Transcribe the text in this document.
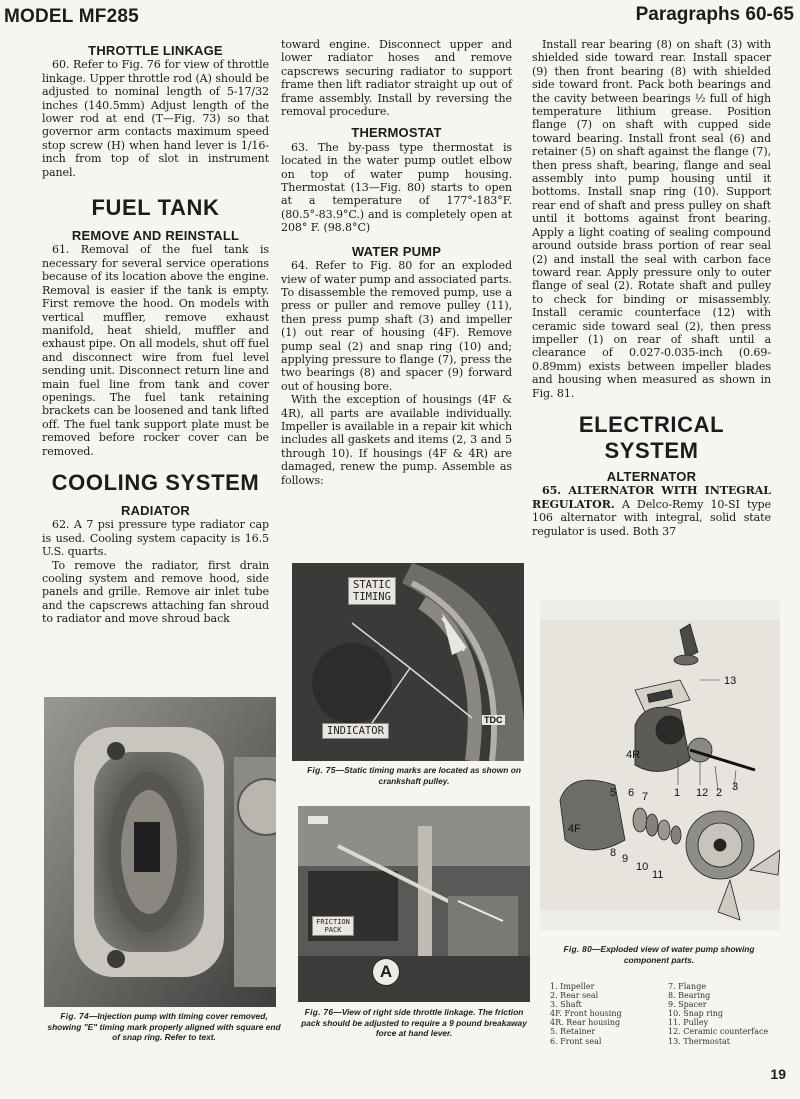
MODEL MF285	Paragraphs 60-65
THROTTLE LINKAGE

60. Refer to Fig. 76 for view of throttle linkage. Upper throttle rod (A) should be adjusted to nominal length of 5-17/32 inches (140.5mm) Adjust length of the lower rod at end (T—Fig. 73) so that governor arm contacts maximum speed stop screw (H) when hand lever is 1/16-inch from top of slot in instrument panel.

FUEL TANK
REMOVE AND REINSTALL

61. Removal of the fuel tank is necessary for several service operations because of its location above the engine. Removal is easier if the tank is empty. First remove the hood. On models with vertical muffler, remove exhaust manifold, heat shield, muffler and exhaust pipe. On all models, shut off fuel and disconnect wire from fuel level sending unit. Disconnect return line and main fuel line from tank and cover openings. The fuel tank retaining brackets can be loosened and tank lifted off. The fuel tank support plate must be removed before rocker cover can be removed.

COOLING SYSTEM
RADIATOR

62. A 7 psi pressure type radiator cap is used. Cooling system capacity is 16.5 U.S. quarts.

To remove the radiator, first drain cooling system and remove hood, side panels and grille. Remove air inlet tube and the capscrews attaching fan shroud to radiator and move shroud back

toward engine. Disconnect upper and lower radiator hoses and remove capscrews securing radiator to support frame then lift radiator straight up out of frame assembly. Install by reversing the removal procedure.

THERMOSTAT

63. The by-pass type thermostat is located in the water pump outlet elbow on top of water pump housing. Thermostat (13—Fig. 80) starts to open at a temperature of 177°-183°F. (80.5°-83.9°C.) and is completely open at 208° F. (98.8°C)

WATER PUMP

64. Refer to Fig. 80 for an exploded view of water pump and associated parts. To disassemble the removed pump, use a press or puller and remove pulley (11), then press pump shaft (3) and impeller (1) out rear of housing (4F). Remove pump seal (2) and snap ring (10) and; applying pressure to flange (7), press the two bearings (8) and spacer (9) forward out of housing bore.

With the exception of housings (4F & 4R), all parts are available individually. Impeller is available in a repair kit which includes all gaskets and items (2, 3 and 5 through 10). If housings (4F & 4R) are damaged, renew the pump. Assemble as follows:

Install rear bearing (8) on shaft (3) with shielded side toward rear. Install spacer (9) then front bearing (8) with shielded side toward front. Pack both bearings and the cavity between bearings ½ full of high temperature lithium grease. Position flange (7) on shaft with cupped side toward bearing. Install front seal (6) and retainer (5) on shaft against the flange (7), then press shaft, bearing, flange and seal assembly into pump housing until it bottoms. Install snap ring (10). Support rear end of shaft and press pulley on shaft until it bottoms against front bearing. Apply a light coating of sealing compound around outside brass portion of rear seal (2) and install the seal with carbon face toward rear. Apply pressure only to outer flange of seal (2). Rotate shaft and pulley to check for binding or misassembly. Install ceramic counterface (12) with ceramic side toward seal (2), then press impeller (1) on rear of shaft until a clearance of 0.027-0.035-inch (0.69-0.89mm) exists between impeller blades and housing when measured as shown in Fig. 81.

ELECTRICAL
SYSTEM
ALTERNATOR

65. ALTERNATOR WITH INTEGRAL REGULATOR. A Delco-Remy 10-SI type 106 alternator with integral, solid state regulator is used. Both 37

Fig. 74—Injection pump with timing cover removed, showing "E" timing mark properly aligned with square end of snap ring. Refer to text.
STATIC
TIMING
INDICATOR
TDC
Fig. 75—Static timing marks are located as shown on crankshaft pulley.
FRICTION PACK
A
Fig. 76—View of right side throttle linkage. The friction pack should be adjusted to require a 9 pound breakaway force at hand lever.
13
4R
1 12 2 3
4F
5 6 7
8 9
10
11
Fig. 80—Exploded view of water pump showing component parts.
1. Impeller	7. Flange
2. Rear seal	8. Bearing
3. Shaft	9. Spacer
4F. Front housing	10. Snap ring
4R. Rear housing	11. Pulley
5. Retainer	12. Ceramic counterface
6. Front seal	13. Thermostat
19
